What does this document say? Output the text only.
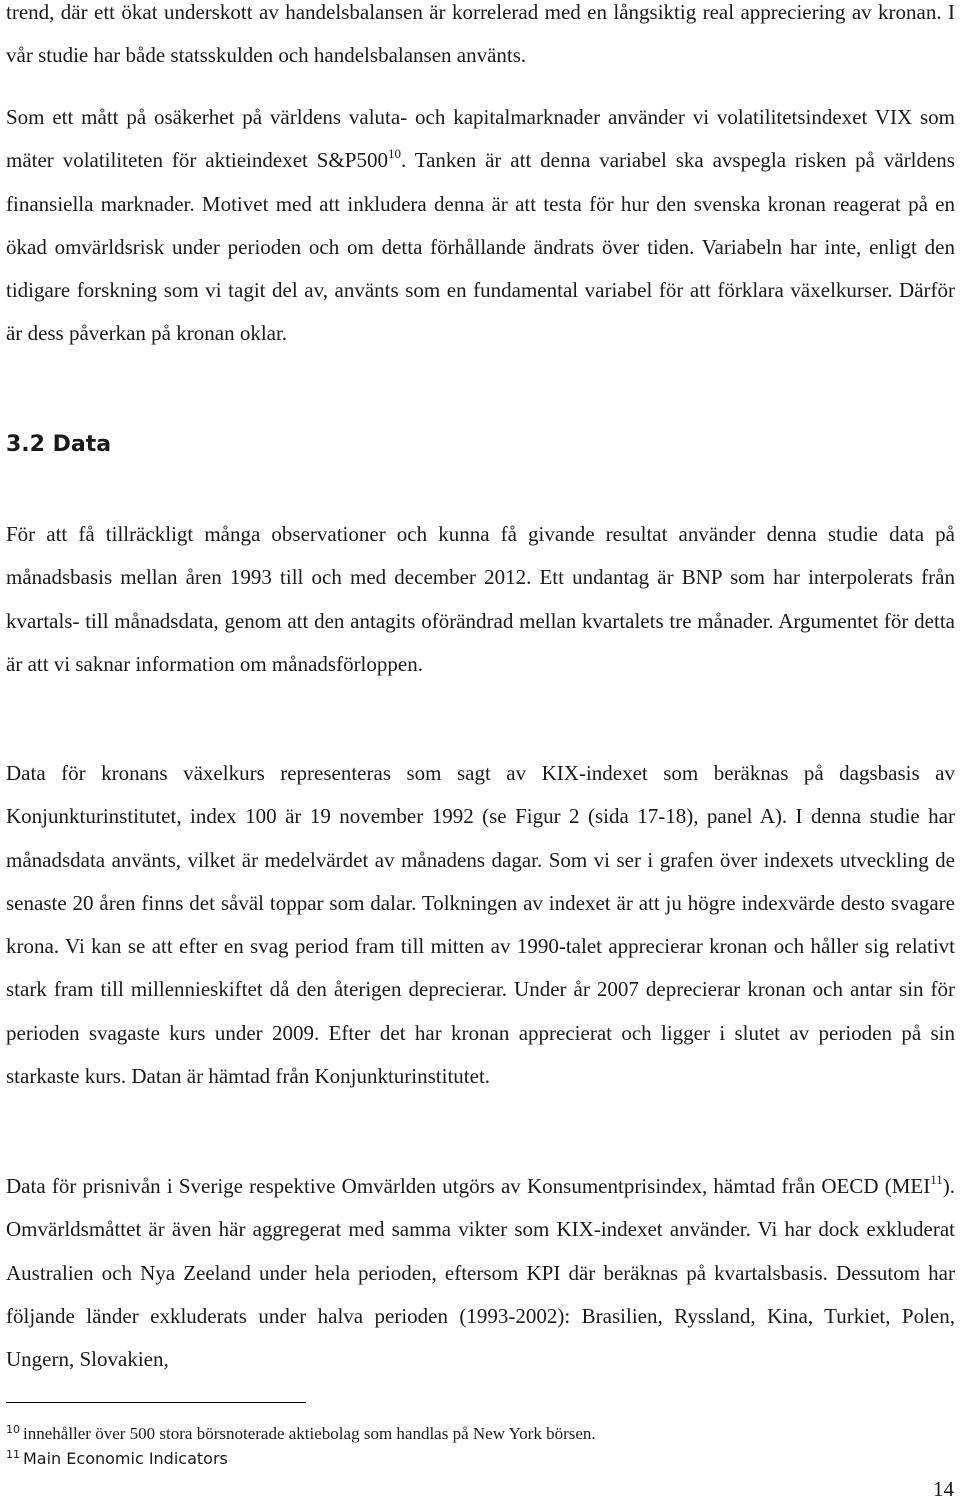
trend, där ett ökat underskott av handelsbalansen är korrelerad med en långsiktig real appreciering av kronan. I vår studie har både statsskulden och handelsbalansen använts.

Som ett mått på osäkerhet på världens valuta- och kapitalmarknader använder vi volatilitetsindexet VIX som mäter volatiliteten för aktieindexet $S\&P500^{10}$. Tanken är att denna variabel ska avspegla risken på världens finansiella marknader. Motivet med att inkludera denna är att testa för hur den svenska kronan reagerat på en ökad omvärldsrisk under perioden och om detta förhållande ändrats över tiden. Variabeln har inte, enligt den tidigare forskning som vi tagit del av, använts som en fundamental variabel för att förklara växelkurser. Därför är dess påverkan på kronan oklar.

3.2 Data

För att få tillräckligt många observationer och kunna få givande resultat använder denna studie data på månadsbasis mellan åren 1993 till och med december 2012. Ett undantag är BNP som har interpolerats från kvartals- till månadsdata, genom att den antagits oförändrad mellan kvartalets tre månader. Argumentet för detta är att vi saknar information om månadsförloppen.

Data för kronans växelkurs representeras som sagt av KIX-indexet som beräknas på dagsbasis av Konjunkturinstitutet, index 100 är 19 november 1992 (se Figur 2 (sida 17-18), panel A). I denna studie har månadsdata använts, vilket är medelvärdet av månadens dagar. Som vi ser i grafen över indexets utveckling de senaste 20 åren finns det såväl toppar som dalar. Tolkningen av indexet är att ju högre indexvärde desto svagare krona. Vi kan se att efter en svag period fram till mitten av 1990-talet apprecierar kronan och håller sig relativt stark fram till millennieskiftet då den återigen deprecierar. Under år 2007 deprecierar kronan och antar sin för perioden svagaste kurs under 2009. Efter det har kronan apprecierat och ligger i slutet av perioden på sin starkaste kurs. Datan är hämtad från Konjunkturinstitutet.

Data för prisnivån i Sverige respektive Omvärlden utgörs av Konsumentprisindex, hämtad från OECD (MEI$^{11}$). Omvärldsmåttet är även här aggregerat med samma vikter som KIX-indexet använder. Vi har dock exkluderat Australien och Nya Zeeland under hela perioden, eftersom KPI där beräknas på kvartalsbasis. Dessutom har följande länder exkluderats under halva perioden (1993-2002): Brasilien, Ryssland, Kina, Turkiet, Polen, Ungern, Slovakien,

$^{10}$ innehåller över 500 stora börsnoterade aktiebolag som handlas på New York börsen.

$^{11}$ Main Economic Indicators

14
